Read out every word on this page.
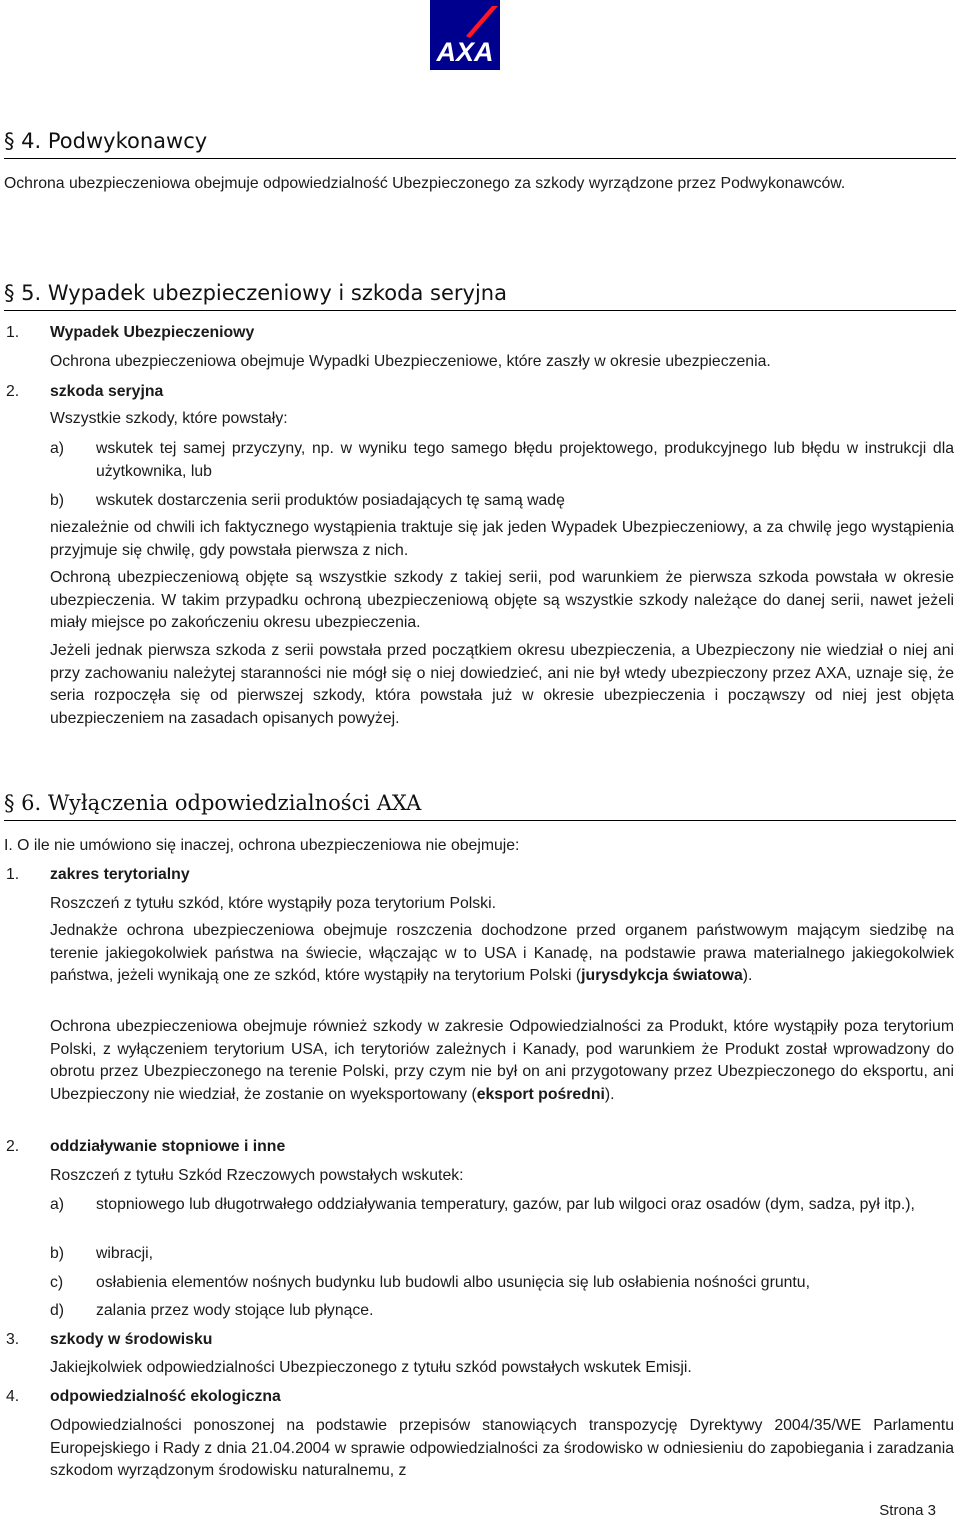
AXA
§ 4. Podwykonawcy
Ochrona ubezpieczeniowa obejmuje odpowiedzialność Ubezpieczonego za szkody wyrządzone przez Podwykonawców.
§ 5. Wypadek ubezpieczeniowy i szkoda seryjna
1. Wypadek Ubezpieczeniowy
Ochrona ubezpieczeniowa obejmuje Wypadki Ubezpieczeniowe, które zaszły w okresie ubezpieczenia.
2. szkoda seryjna
Wszystkie szkody, które powstały:
a) wskutek tej samej przyczyny, np. w wyniku tego samego błędu projektowego, produkcyjnego lub błędu w instrukcji dla użytkownika, lub
b) wskutek dostarczenia serii produktów posiadających tę samą wadę
niezależnie od chwili ich faktycznego wystąpienia traktuje się jak jeden Wypadek Ubezpieczeniowy, a za chwilę jego wystąpienia przyjmuje się chwilę, gdy powstała pierwsza z nich.
Ochroną ubezpieczeniową objęte są wszystkie szkody z takiej serii, pod warunkiem że pierwsza szkoda powstała w okresie ubezpieczenia. W takim przypadku ochroną ubezpieczeniową objęte są wszystkie szkody należące do danej serii, nawet jeżeli miały miejsce po zakończeniu okresu ubezpieczenia.
Jeżeli jednak pierwsza szkoda z serii powstała przed początkiem okresu ubezpieczenia, a Ubezpieczony nie wiedział o niej ani przy zachowaniu należytej staranności nie mógł się o niej dowiedzieć, ani nie był wtedy ubezpieczony przez AXA, uznaje się, że seria rozpoczęła się od pierwszej szkody, która powstała już w okresie ubezpieczenia i począwszy od niej jest objęta ubezpieczeniem na zasadach opisanych powyżej.
§ 6. Wyłączenia odpowiedzialności AXA
I. O ile nie umówiono się inaczej, ochrona ubezpieczeniowa nie obejmuje:
1. zakres terytorialny
Roszczeń z tytułu szkód, które wystąpiły poza terytorium Polski.
Jednakże ochrona ubezpieczeniowa obejmuje roszczenia dochodzone przed organem państwowym mającym siedzibę na terenie jakiegokolwiek państwa na świecie, włączając w to USA i Kanadę, na podstawie prawa materialnego jakiegokolwiek państwa, jeżeli wynikają one ze szkód, które wystąpiły na terytorium Polski (jurysdykcja światowa).
Ochrona ubezpieczeniowa obejmuje również szkody w zakresie Odpowiedzialności za Produkt, które wystąpiły poza terytorium Polski, z wyłączeniem terytorium USA, ich terytoriów zależnych i Kanady, pod warunkiem że Produkt został wprowadzony do obrotu przez Ubezpieczonego na terenie Polski, przy czym nie był on ani przygotowany przez Ubezpieczonego do eksportu, ani Ubezpieczony nie wiedział, że zostanie on wyeksportowany (eksport pośredni).
2. oddziaływanie stopniowe i inne
Roszczeń z tytułu Szkód Rzeczowych powstałych wskutek:
a) stopniowego lub długotrwałego oddziaływania temperatury, gazów, par lub wilgoci oraz osadów (dym, sadza, pył itp.),
b) wibracji,
c) osłabienia elementów nośnych budynku lub budowli albo usunięcia się lub osłabienia nośności gruntu,
d) zalania przez wody stojące lub płynące.
3. szkody w środowisku
Jakiejkolwiek odpowiedzialności Ubezpieczonego z tytułu szkód powstałych wskutek Emisji.
4. odpowiedzialność ekologiczna
Odpowiedzialności ponoszonej na podstawie przepisów stanowiących transpozycję Dyrektywy 2004/35/WE Parlamentu Europejskiego i Rady z dnia 21.04.2004 w sprawie odpowiedzialności za środowisko w odniesieniu do zapobiegania i zaradzania szkodom wyrządzonym środowisku naturalnemu, z
Strona 3
